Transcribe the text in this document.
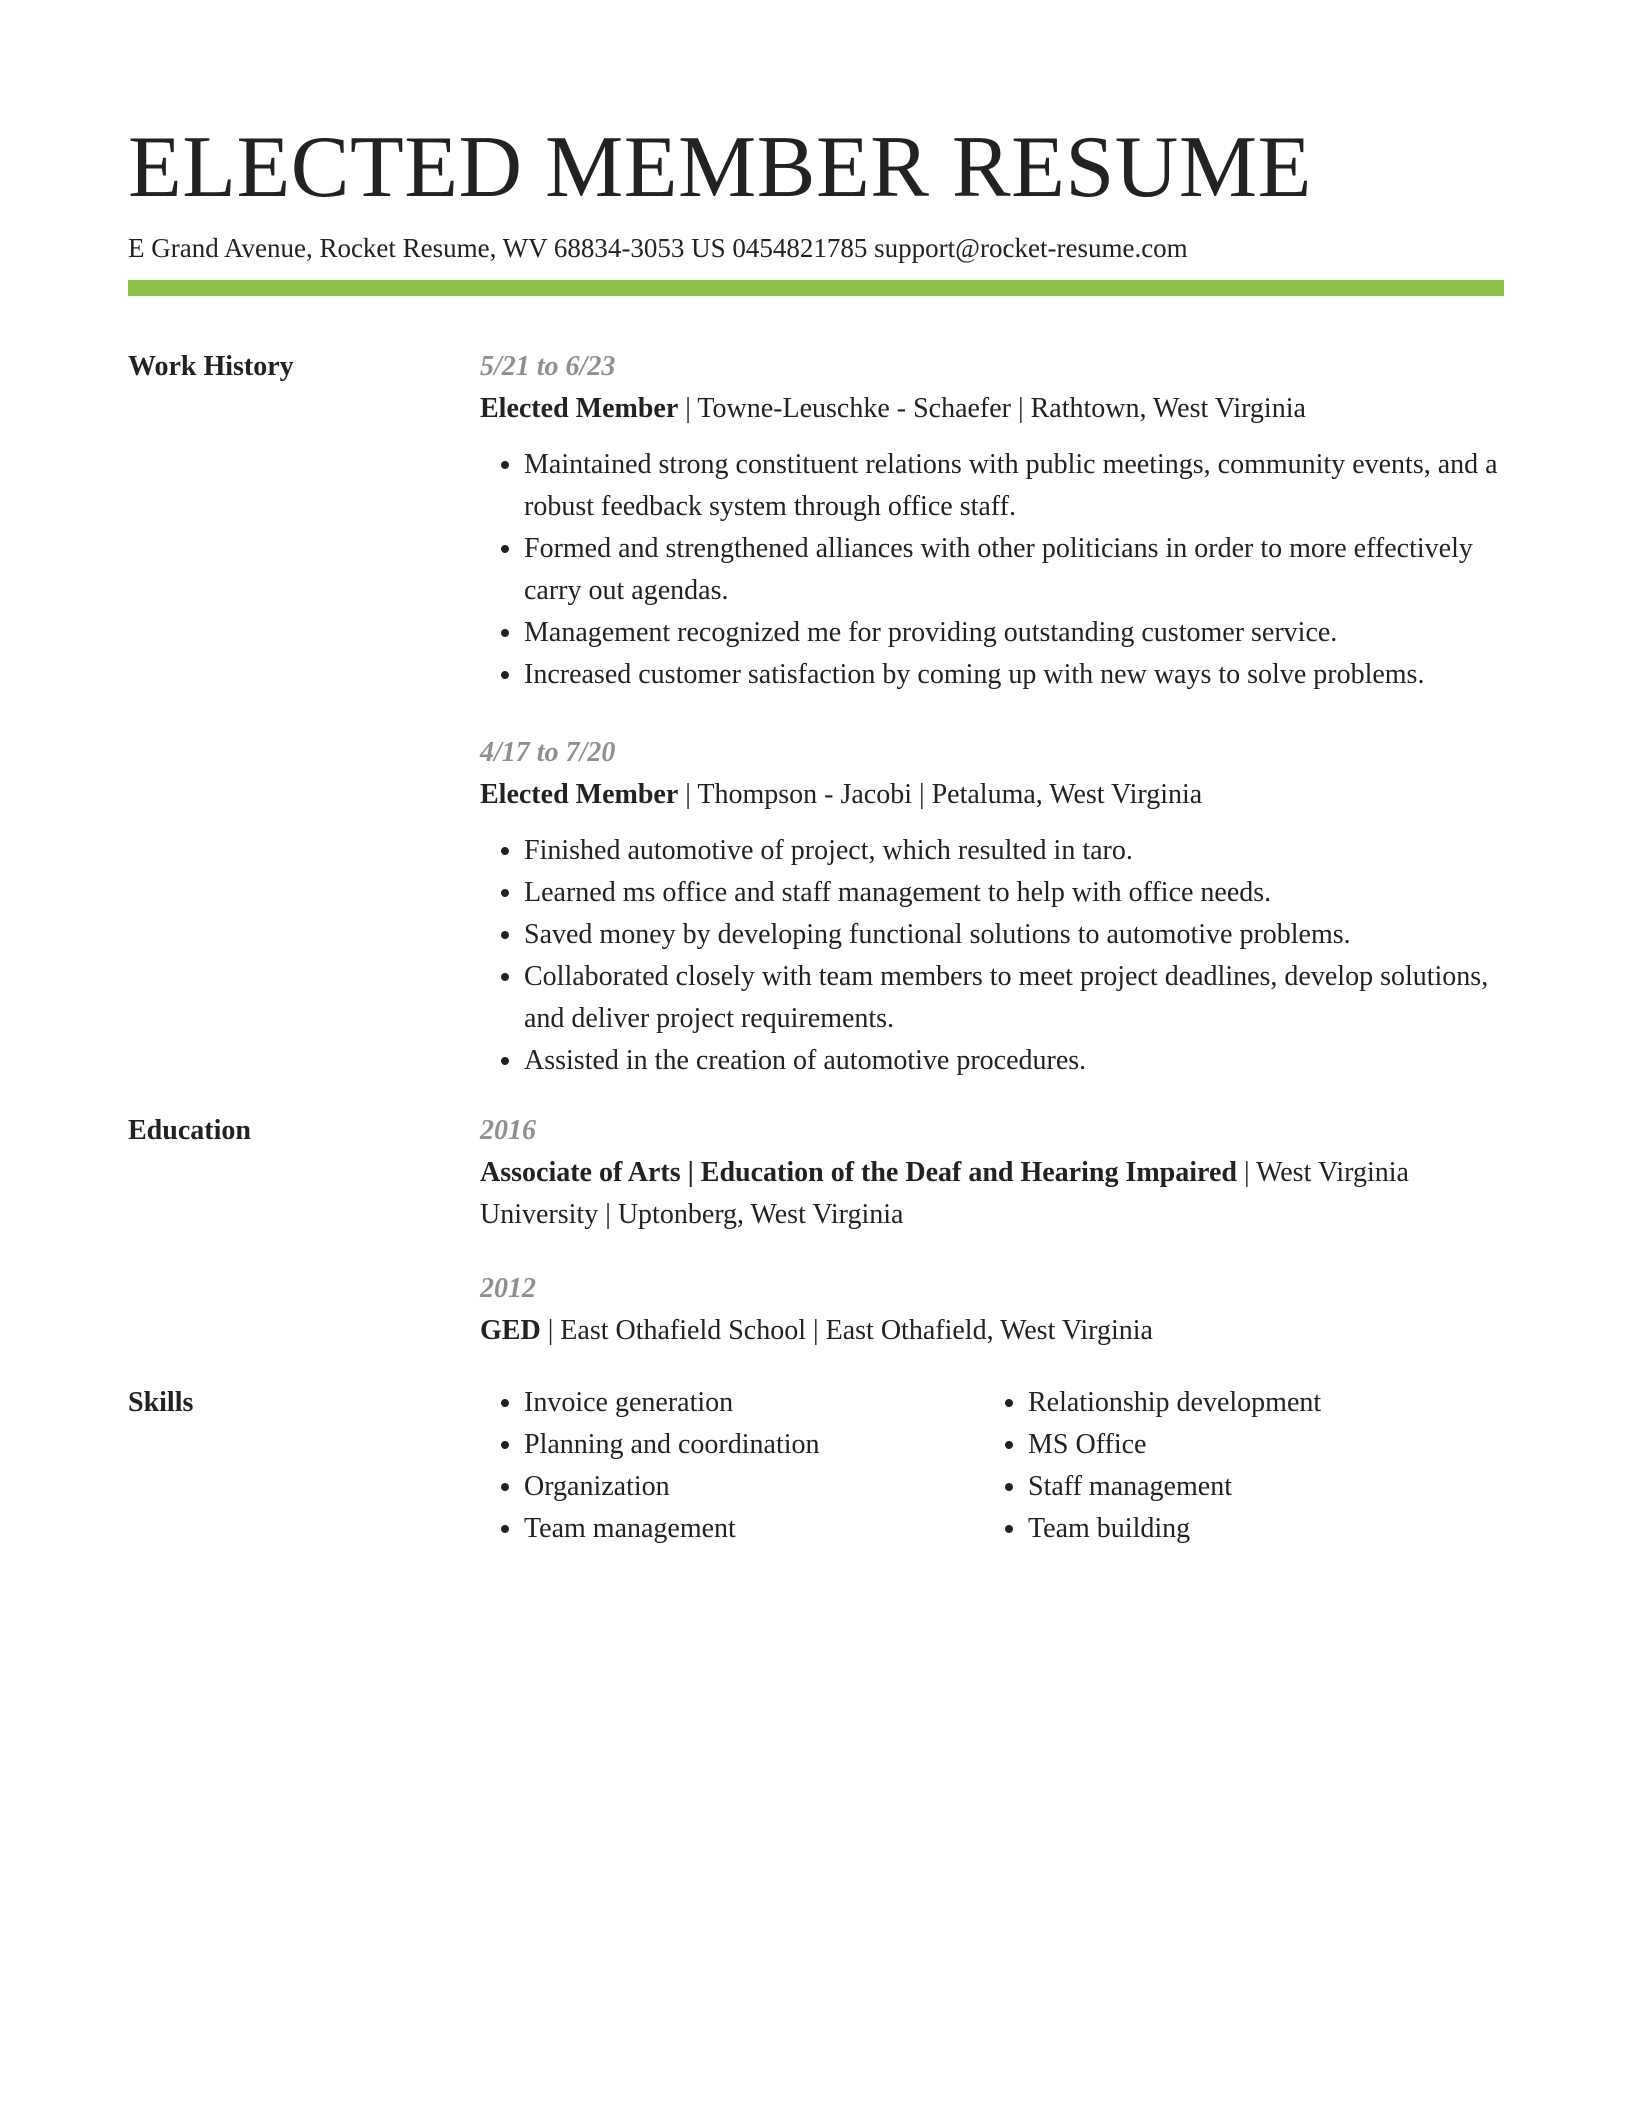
ELECTED MEMBER RESUME
E Grand Avenue, Rocket Resume, WV 68834-3053 US 0454821785 support@rocket-resume.com
Work History	5/21 to 6/23
Elected Member | Towne-Leuschke - Schaefer | Rathtown, West Virginia
• Maintained strong constituent relations with public meetings, community events, and a robust feedback system through office staff.
• Formed and strengthened alliances with other politicians in order to more effectively carry out agendas.
• Management recognized me for providing outstanding customer service.
• Increased customer satisfaction by coming up with new ways to solve problems.
4/17 to 7/20
Elected Member | Thompson - Jacobi | Petaluma, West Virginia
• Finished automotive of project, which resulted in taro.
• Learned ms office and staff management to help with office needs.
• Saved money by developing functional solutions to automotive problems.
• Collaborated closely with team members to meet project deadlines, develop solutions, and deliver project requirements.
• Assisted in the creation of automotive procedures.
Education	2016
Associate of Arts | Education of the Deaf and Hearing Impaired | West Virginia University | Uptonberg, West Virginia
2012
GED | East Othafield School | East Othafield, West Virginia
Skills
•	Invoice generation
• Planning and coordination
• Organization
• Team management
• Relationship development
• MS Office
• Staff management
• Team building
